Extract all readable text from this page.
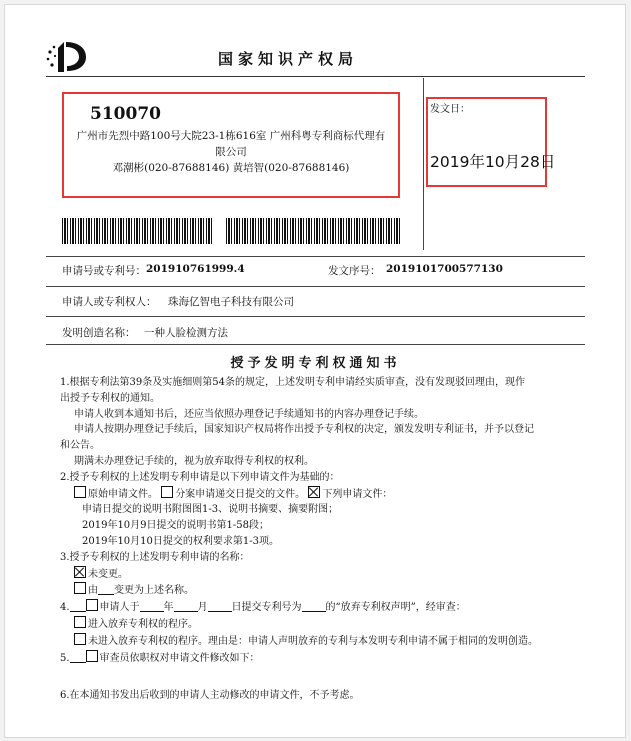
国家知识产权局
510070
广州市先烈中路100号大院23-1栋616室 广州科粤专利商标代理有
限公司
邓潮彬(020-87688146) 黄培智(020-87688146)
发文日：
2019年10月28日
申请号或专利号： 201910761999.4	发文序号： 2019101700577130
申请人或专利权人： 珠海亿智电子科技有限公司
发明创造名称： 一种人脸检测方法
授予发明专利权通知书

1.根据专利法第39条及实施细则第54条的规定，上述发明专利申请经实质审查，没有发现驳回理由，现作

出授予专利权的通知。

申请人收到本通知书后，还应当依照办理登记手续通知书的内容办理登记手续。

申请人按期办理登记手续后，国家知识产权局将作出授予专利权的决定，颁发发明专利证书，并予以登记

和公告。

期满未办理登记手续的，视为放弃取得专利权的权利。

2.授予专利权的上述发明专利申请是以下列申请文件为基础的：

原始申请文件。 分案申请递交日提交的文件。 下列申请文件：

申请日提交的说明书附图图1-3、说明书摘要、摘要附图；

2019年10月9日提交的说明书第1-58段；

2019年10月10日提交的权利要求第1-3项。

3.授予专利权的上述发明专利申请的名称：

未变更。

由 变更为上述名称。

4.	申请人于 年 月 日提交专利号为 的“放弃专利权声明”，经审查：

进入放弃专利权的程序。

未进入放弃专利权的程序。理由是：申请人声明放弃的专利与本发明专利申请不属于相同的发明创造。

5.	审查员依职权对申请文件修改如下：

6.在本通知书发出后收到的申请人主动修改的申请文件，不予考虑。
